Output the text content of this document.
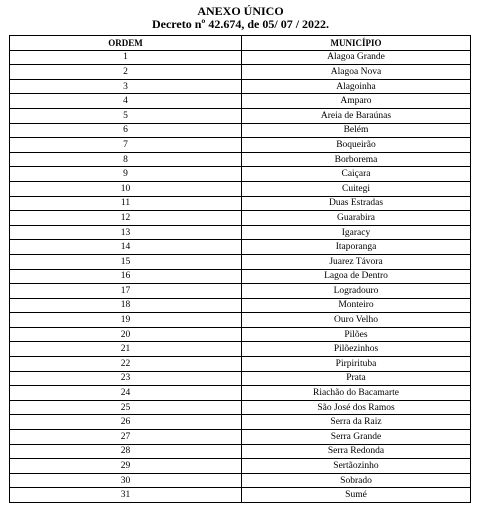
ANEXO ÚNICO
Decreto nº 42.674, de 05/ 07 / 2022.
ORDEM	MUNICÍPIO
1	Alagoa Grande
2	Alagoa Nova
3	Alagoinha
4	Amparo
5	Areia de Baraúnas
6	Belém
7	Boqueirão
8	Borborema
9	Caiçara
10	Cuitegi
11	Duas Estradas
12	Guarabira
13	Igaracy
14	Itaporanga
15	Juarez Távora
16	Lagoa de Dentro
17	Logradouro
18	Monteiro
19	Ouro Velho
20	Pilões
21	Pilõezinhos
22	Pirpirituba
23	Prata
24	Riachão do Bacamarte
25	São José dos Ramos
26	Serra da Raiz
27	Serra Grande
28	Serra Redonda
29	Sertãozinho
30	Sobrado
31	Sumé
